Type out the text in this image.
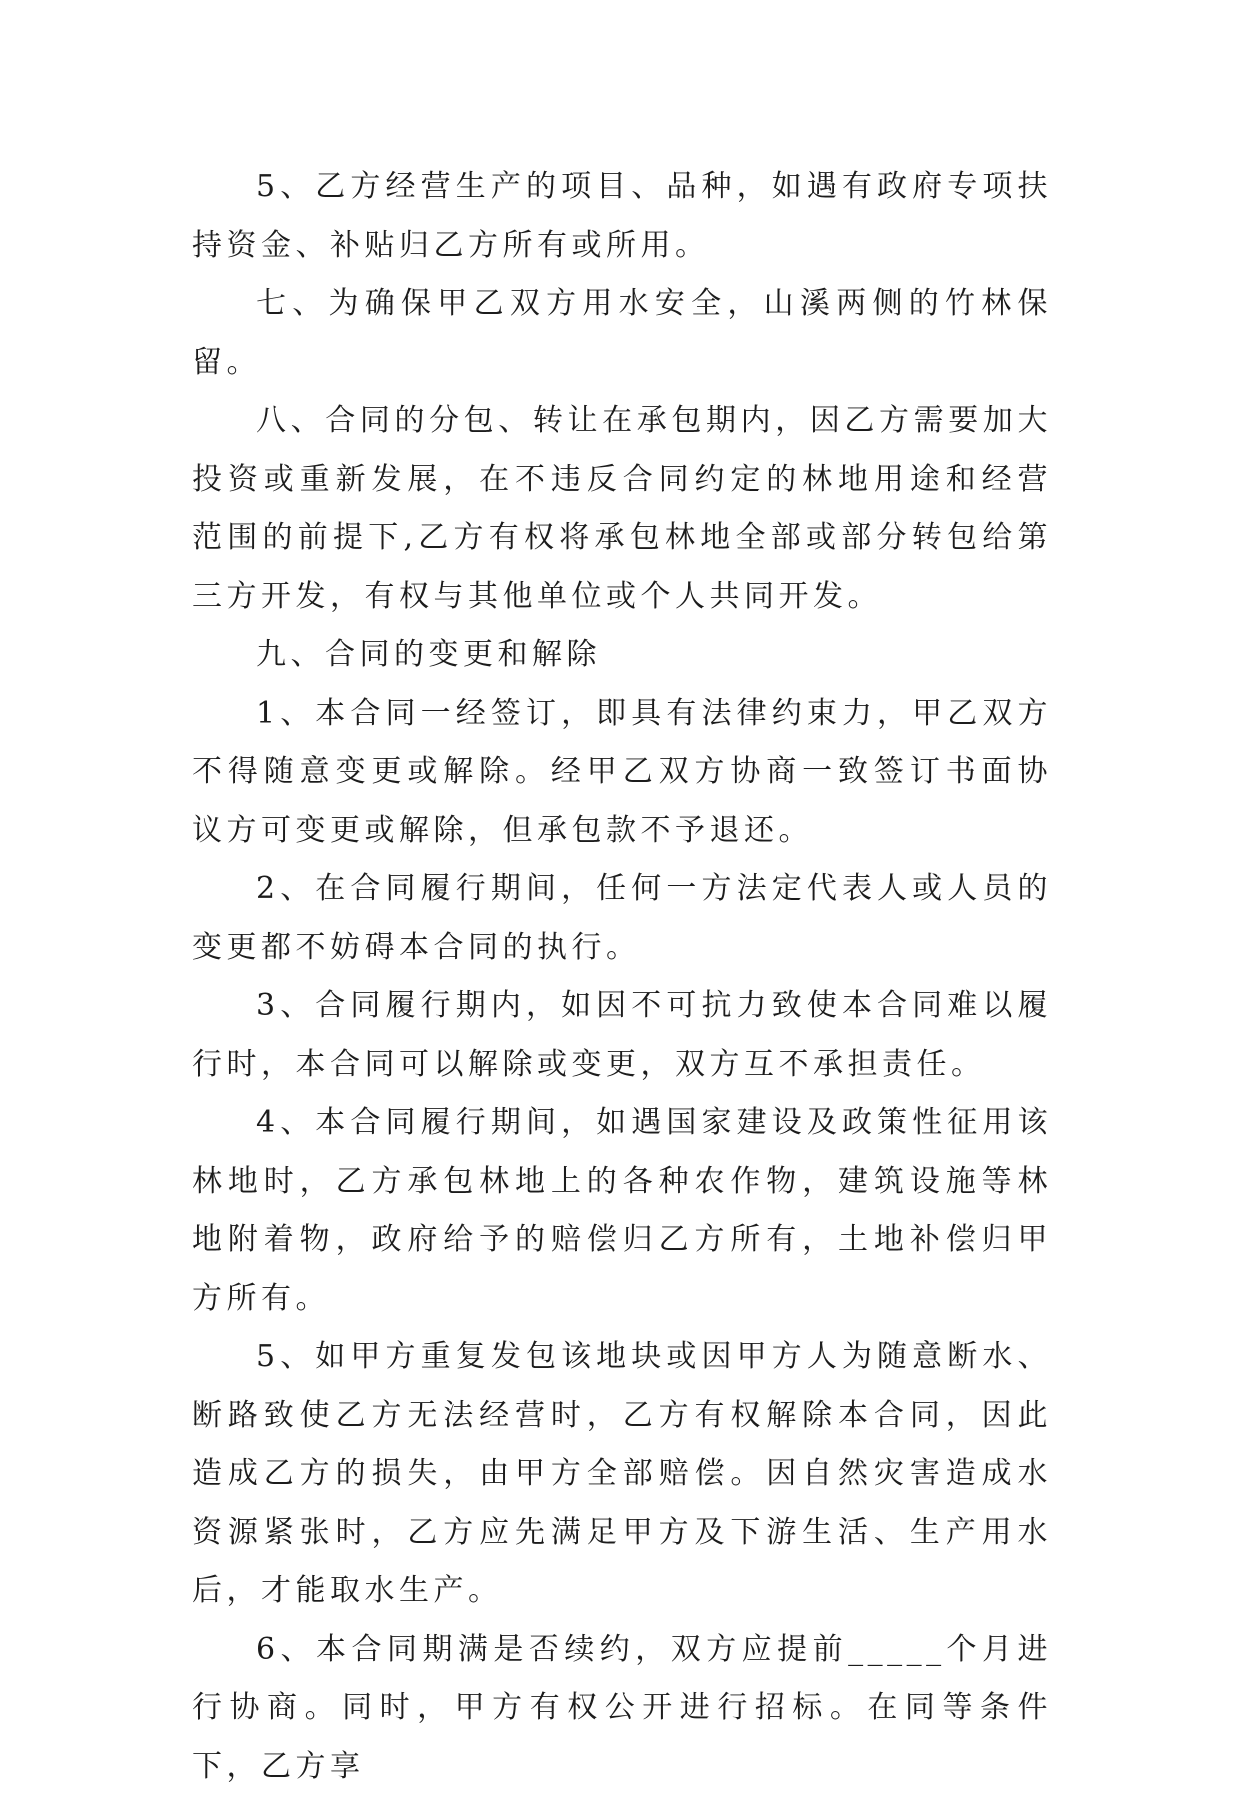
5、乙方经营生产的项目、品种，如遇有政府专项扶持资金、补贴归乙方所有或所用。

七、为确保甲乙双方用水安全，山溪两侧的竹林保留。

八、合同的分包、转让在承包期内，因乙方需要加大投资或重新发展，在不违反合同约定的林地用途和经营范围的前提下,乙方有权将承包林地全部或部分转包给第三方开发，有权与其他单位或个人共同开发。

九、合同的变更和解除

1、本合同一经签订，即具有法律约束力，甲乙双方不得随意变更或解除。经甲乙双方协商一致签订书面协议方可变更或解除，但承包款不予退还。

2、在合同履行期间，任何一方法定代表人或人员的变更都不妨碍本合同的执行。

3、合同履行期内，如因不可抗力致使本合同难以履行时，本合同可以解除或变更，双方互不承担责任。

4、本合同履行期间，如遇国家建设及政策性征用该林地时，乙方承包林地上的各种农作物，建筑设施等林地附着物，政府给予的赔偿归乙方所有，土地补偿归甲方所有。

5、如甲方重复发包该地块或因甲方人为随意断水、断路致使乙方无法经营时，乙方有权解除本合同，因此造成乙方的损失，由甲方全部赔偿。因自然灾害造成水资源紧张时，乙方应先满足甲方及下游生活、生产用水后，才能取水生产。

6、本合同期满是否续约，双方应提前_____个月进行协商。同时，甲方有权公开进行招标。在同等条件下，乙方享
